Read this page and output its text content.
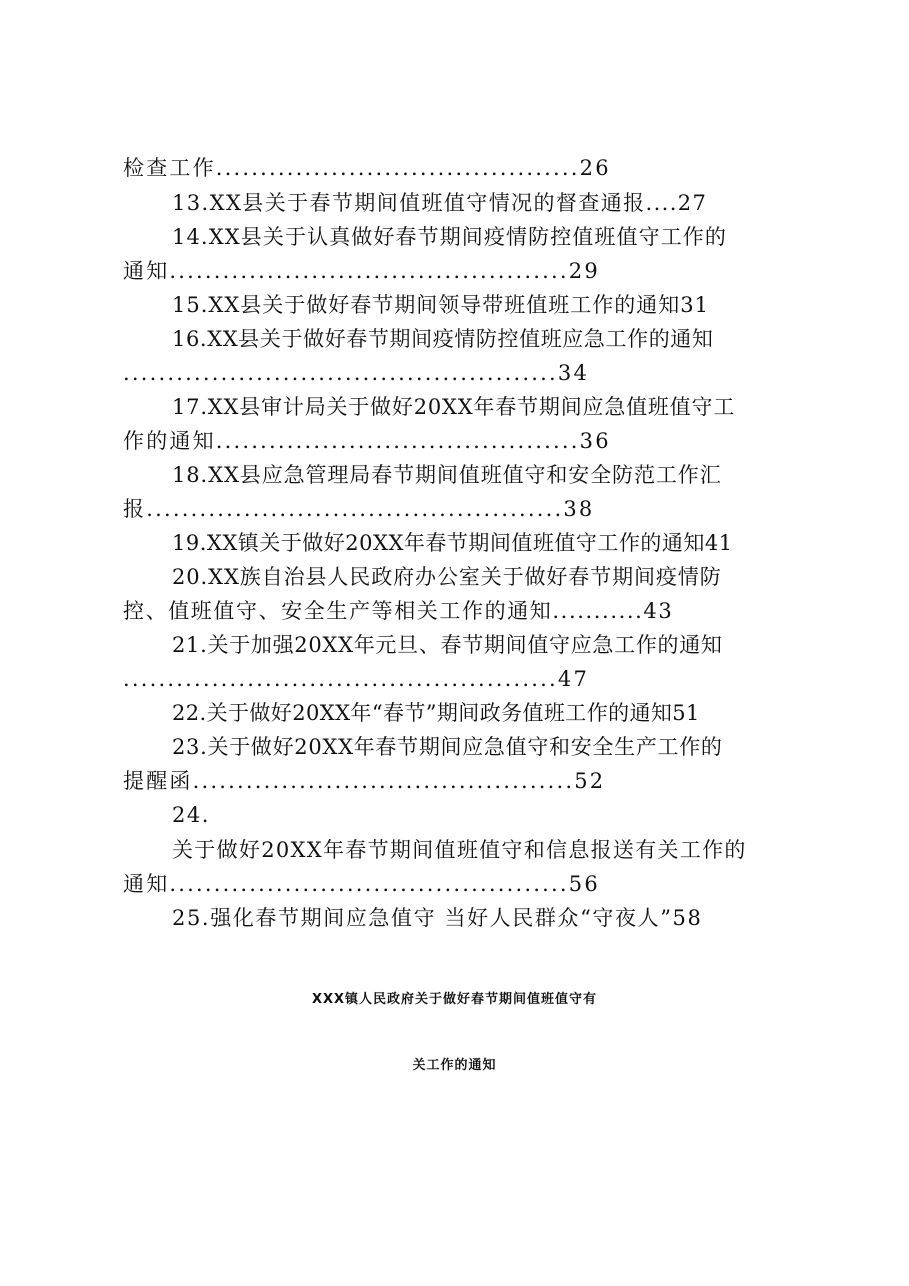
检查工作.........................................26
13.XX县关于春节期间值班值守情况的督查通报....27
14.XX县关于认真做好春节期间疫情防控值班值守工作的
通知.............................................29
15.XX县关于做好春节期间领导带班值班工作的通知31
16.XX县关于做好春节期间疫情防控值班应急工作的通知
.................................................34
17.XX县审计局关于做好20XX年春节期间应急值班值守工
作的通知.........................................36
18.XX县应急管理局春节期间值班值守和安全防范工作汇
报...............................................38
19.XX镇关于做好20XX年春节期间值班值守工作的通知41
20.XX族自治县人民政府办公室关于做好春节期间疫情防
控、值班值守、安全生产等相关工作的通知...........43
21.关于加强20XX年元旦、春节期间值守应急工作的通知
.................................................47
22.关于做好20XX年“春节”期间政务值班工作的通知51
23.关于做好20XX年春节期间应急值守和安全生产工作的
提醒函...........................................52
24.
关于做好20XX年春节期间值班值守和信息报送有关工作的
通知.............................................56
25.强化春节期间应急值守 当好人民群众“守夜人”58
XXX镇人民政府关于做好春节期间值班值守有
关工作的通知
